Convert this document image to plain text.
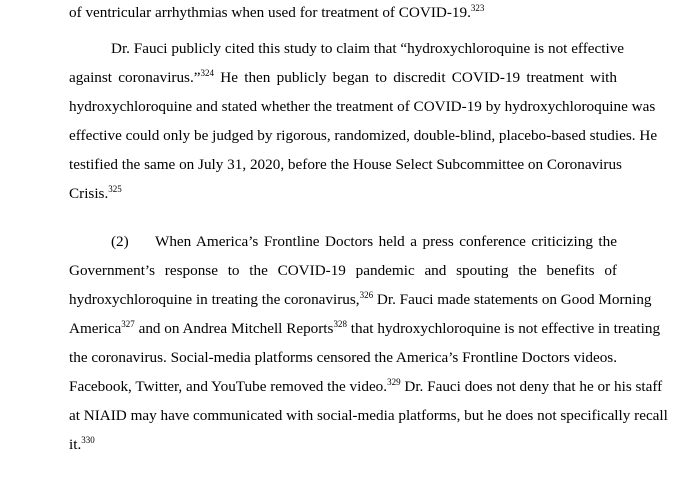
of ventricular arrhythmias when used for treatment of COVID-19.$^{323}$
Dr. Fauci publicly cited this study to claim that “hydroxychloroquine is not effective
against coronavirus.”$^{324}$ He then publicly began to discredit COVID-19 treatment with
hydroxychloroquine and stated whether the treatment of COVID-19 by hydroxychloroquine was
effective could only be judged by rigorous, randomized, double-blind, placebo-based studies. He
testified the same on July 31, 2020, before the House Select Subcommittee on Coronavirus
Crisis.$^{325}$
(2) When America’s Frontline Doctors held a press conference criticizing the
Government’s response to the COVID-19 pandemic and spouting the benefits of
hydroxychloroquine in treating the coronavirus,$^{326}$ Dr. Fauci made statements on Good Morning
America$^{327}$ and on Andrea Mitchell Reports$^{328}$ that hydroxychloroquine is not effective in treating
the coronavirus. Social-media platforms censored the America’s Frontline Doctors videos.
Facebook, Twitter, and YouTube removed the video.$^{329}$ Dr. Fauci does not deny that he or his staff
at NIAID may have communicated with social-media platforms, but he does not specifically recall
it.$^{330}$
